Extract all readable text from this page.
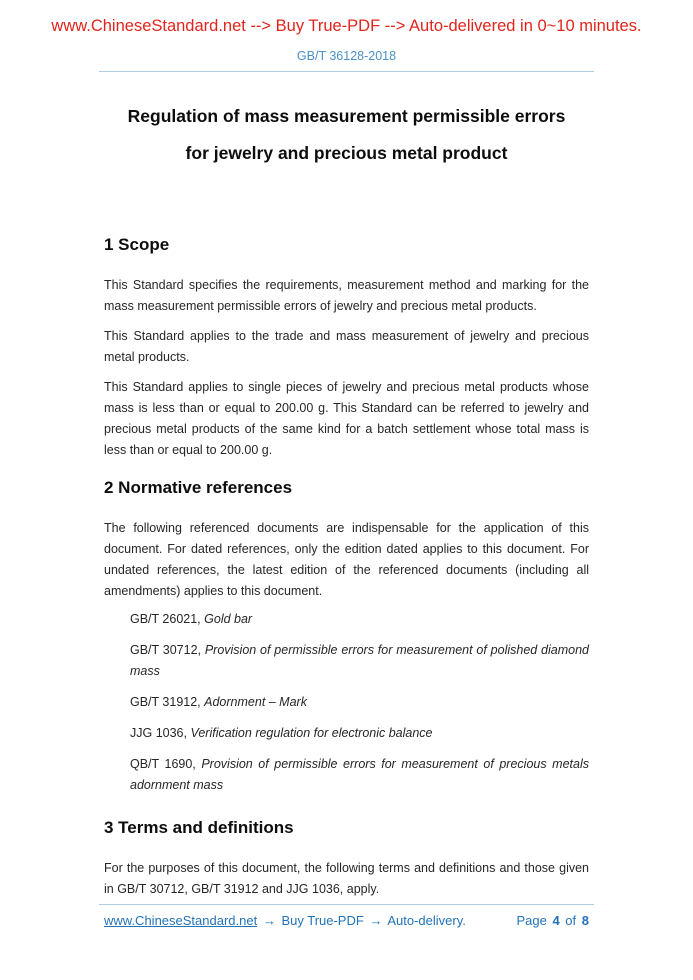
www.ChineseStandard.net --> Buy True-PDF --> Auto-delivered in 0~10 minutes.
GB/T 36128-2018
Regulation of mass measurement permissible errors
for jewelry and precious metal product
1 Scope

This Standard specifies the requirements, measurement method and marking for the mass measurement permissible errors of jewelry and precious metal products.

This Standard applies to the trade and mass measurement of jewelry and precious metal products.

This Standard applies to single pieces of jewelry and precious metal products whose mass is less than or equal to 200.00 g. This Standard can be referred to jewelry and precious metal products of the same kind for a batch settlement whose total mass is less than or equal to 200.00 g.

2 Normative references

The following referenced documents are indispensable for the application of this document. For dated references, only the edition dated applies to this document. For undated references, the latest edition of the referenced documents (including all amendments) applies to this document.

GB/T 26021, Gold bar

GB/T 30712, Provision of permissible errors for measurement of polished diamond mass

GB/T 31912, Adornment – Mark

JJG 1036, Verification regulation for electronic balance

QB/T 1690, Provision of permissible errors for measurement of precious metals adornment mass

3 Terms and definitions

For the purposes of this document, the following terms and definitions and those given in GB/T 30712, GB/T 31912 and JJG 1036, apply.

www.ChineseStandard.net → Buy True-PDF → Auto-delivery.	Page 4 of 8
